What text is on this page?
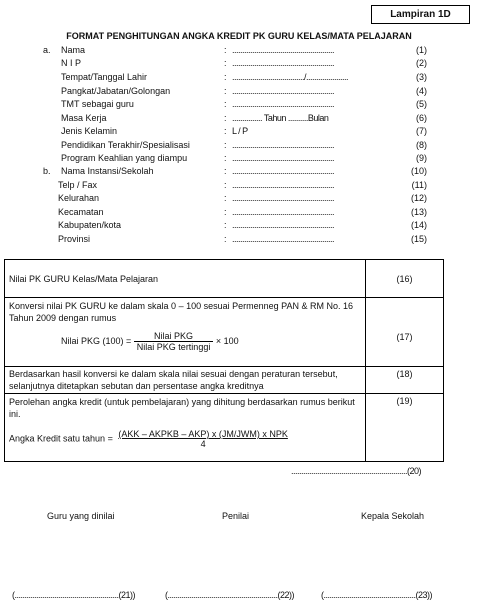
Lampiran 1D
FORMAT PENGHITUNGAN ANGKA KREDIT PK GURU KELAS/MATA PELAJARAN
a.
b.
Nama	: ...................................................	(1)
N I P	: ...................................................	(2)
Tempat/Tanggal Lahir	: ..................................../.....................	(3)
Pangkat/Jabatan/Golongan	: ...................................................	(4)
TMT sebagai guru	: ...................................................	(5)
Masa Kerja	: ............... Tahun ..........Bulan	(6)
Jenis Kelamin	: L / P	(7)
Pendidikan Terakhir/Spesialisasi	: ...................................................	(8)
Program Keahlian yang diampu	: ...................................................	(9)
Nama Instansi/Sekolah	: ...................................................	(10)
Telp / Fax	: ...................................................	(11)
Kelurahan	: ...................................................	(12)
Kecamatan	: ...................................................	(13)
Kabupaten/kota	: ...................................................	(14)
Provinsi	: ...................................................	(15)
Nilai PK GURU Kelas/Mata Pelajaran	(16)

Konversi nilai PK GURU ke dalam skala 0 – 100 sesuai Permenneg PAN & RM No. 16 Tahun 2009 dengan rumus
Nilai PKG $(100) = \frac{\text{Nilai PKG}}{\text{Nilai PKG tertinggi}} \times 100$	(17)
Berdasarkan hasil konversi ke dalam skala nilai sesuai dengan peraturan tersebut, selanjutnya ditetapkan sebutan dan persentase angka kreditnya	(18)

Perolehan angka kredit (untuk pembelajaran) yang dihitung berdasarkan rumus berikut ini.
Angka Kredit satu tahun = (AKK – AKPKB – AKP) x (JM/JWM) x NPK
4	(19)
..........................................................(20)
Guru yang dinilai	Penilai	Kepala Sekolah
(....................................................(21))	(.......................................................(22))	(..............................................(23))
